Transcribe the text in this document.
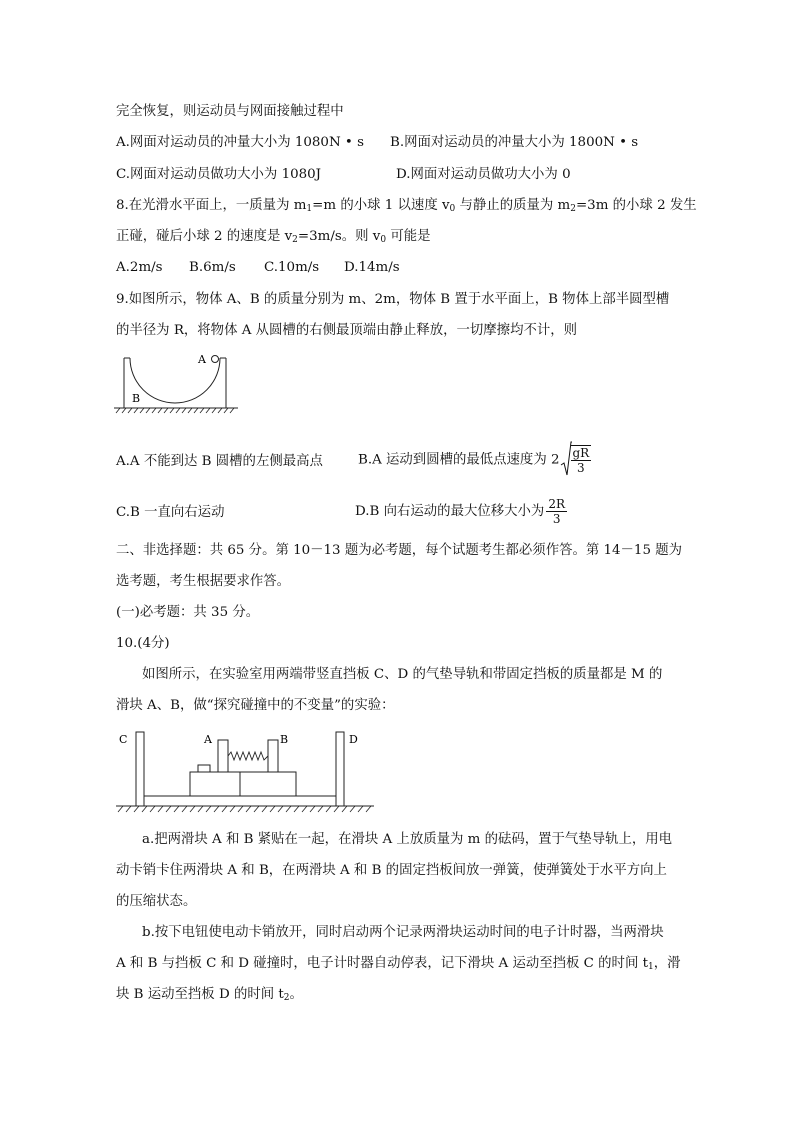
完全恢复，则运动员与网面接触过程中
A.网面对运动员的冲量大小为 1080N • s B.网面对运动员的冲量大小为 1800N • s
C.网面对运动员做功大小为 1080J	D.网面对运动员做功大小为 0
8.在光滑水平面上，一质量为 $m_1=m$ 的小球 1 以速度 $v_0$ 与静止的质量为 $m_2=3m$ 的小球 2 发生
正碰，碰后小球 2 的速度是 $v_2=3m/s$。则 $v_0$ 可能是
A.2m/s B.6m/s C.10m/s D.14m/s
9.如图所示，物体 A、B 的质量分别为 m、2m，物体 B 置于水平面上，B 物体上部半圆型槽
的半径为 R，将物体 A 从圆槽的右侧最顶端由静止释放，一切摩擦均不计，则
A
B
A.A 不能到达 B 圆槽的左侧最高点	B.A 运动到圆槽的最低点速度为 $2 \frac{gR}{3}$
C.B 一直向右运动	D.B 向右运动的最大位移大小为 $\frac{2R}{3}$
二、非选择题：共 65 分。第 10－13 题为必考题，每个试题考生都必须作答。第 14－15 题为
选考题，考生根据要求作答。
(一)必考题：共 35 分。
10.(4分)
如图所示，在实验室用两端带竖直挡板 C、D 的气垫导轨和带固定挡板的质量都是 M 的
滑块 A、B，做“探究碰撞中的不变量”的实验：
C	A	B	D
a.把两滑块 A 和 B 紧贴在一起，在滑块 A 上放质量为 m 的砝码，置于气垫导轨上，用电
动卡销卡住两滑块 A 和 B，在两滑块 A 和 B 的固定挡板间放一弹簧，使弹簧处于水平方向上
的压缩状态。
b.按下电钮使电动卡销放开，同时启动两个记录两滑块运动时间的电子计时器，当两滑块
A 和 B 与挡板 C 和 D 碰撞时，电子计时器自动停表，记下滑块 A 运动至挡板 C 的时间 $t_1$，滑
块 B 运动至挡板 D 的时间 $t_2$。
